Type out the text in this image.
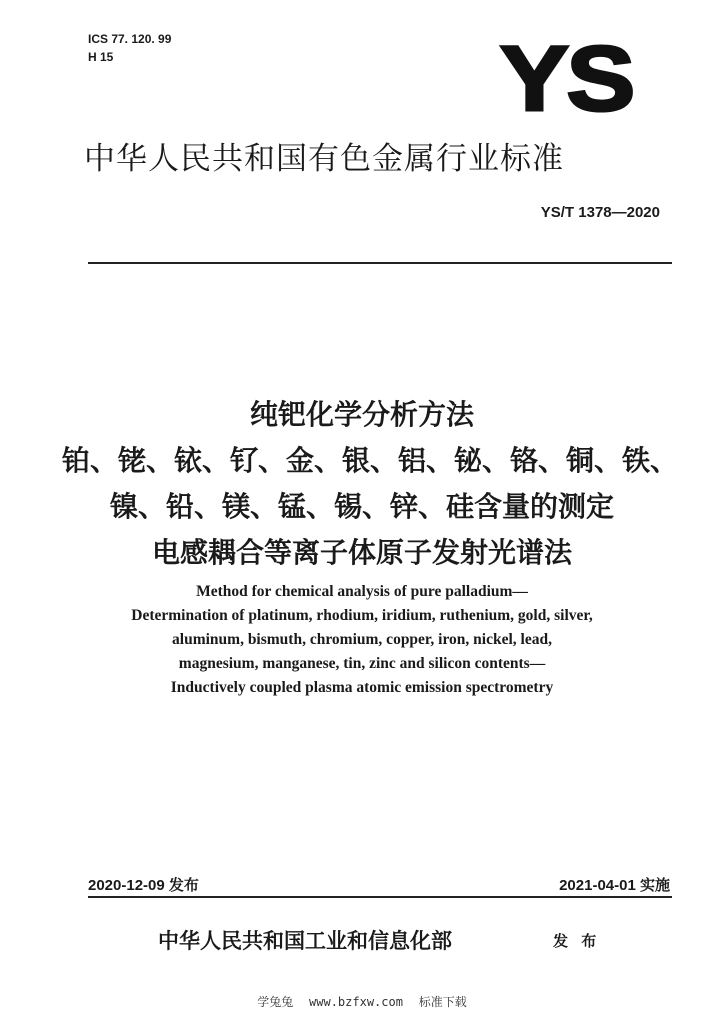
ICS 77. 120. 99
H 15	YS
中华人民共和国有色金属行业标准
YS/T 1378—2020
纯钯化学分析方法
铂、铑、铱、钌、金、银、铝、铋、铬、铜、铁、
镍、铅、镁、锰、锡、锌、硅含量的测定
电感耦合等离子体原子发射光谱法
Method for chemical analysis of pure palladium—
Determination of platinum, rhodium, iridium, ruthenium, gold, silver,
aluminum, bismuth, chromium, copper, iron, nickel, lead,
magnesium, manganese, tin, zinc and silicon contents—
Inductively coupled plasma atomic emission spectrometry
2020-12-09 发布	2021-04-01 实施
中华人民共和国工业和信息化部	发 布
学兔兔 www.bzfxw.com 标准下载
